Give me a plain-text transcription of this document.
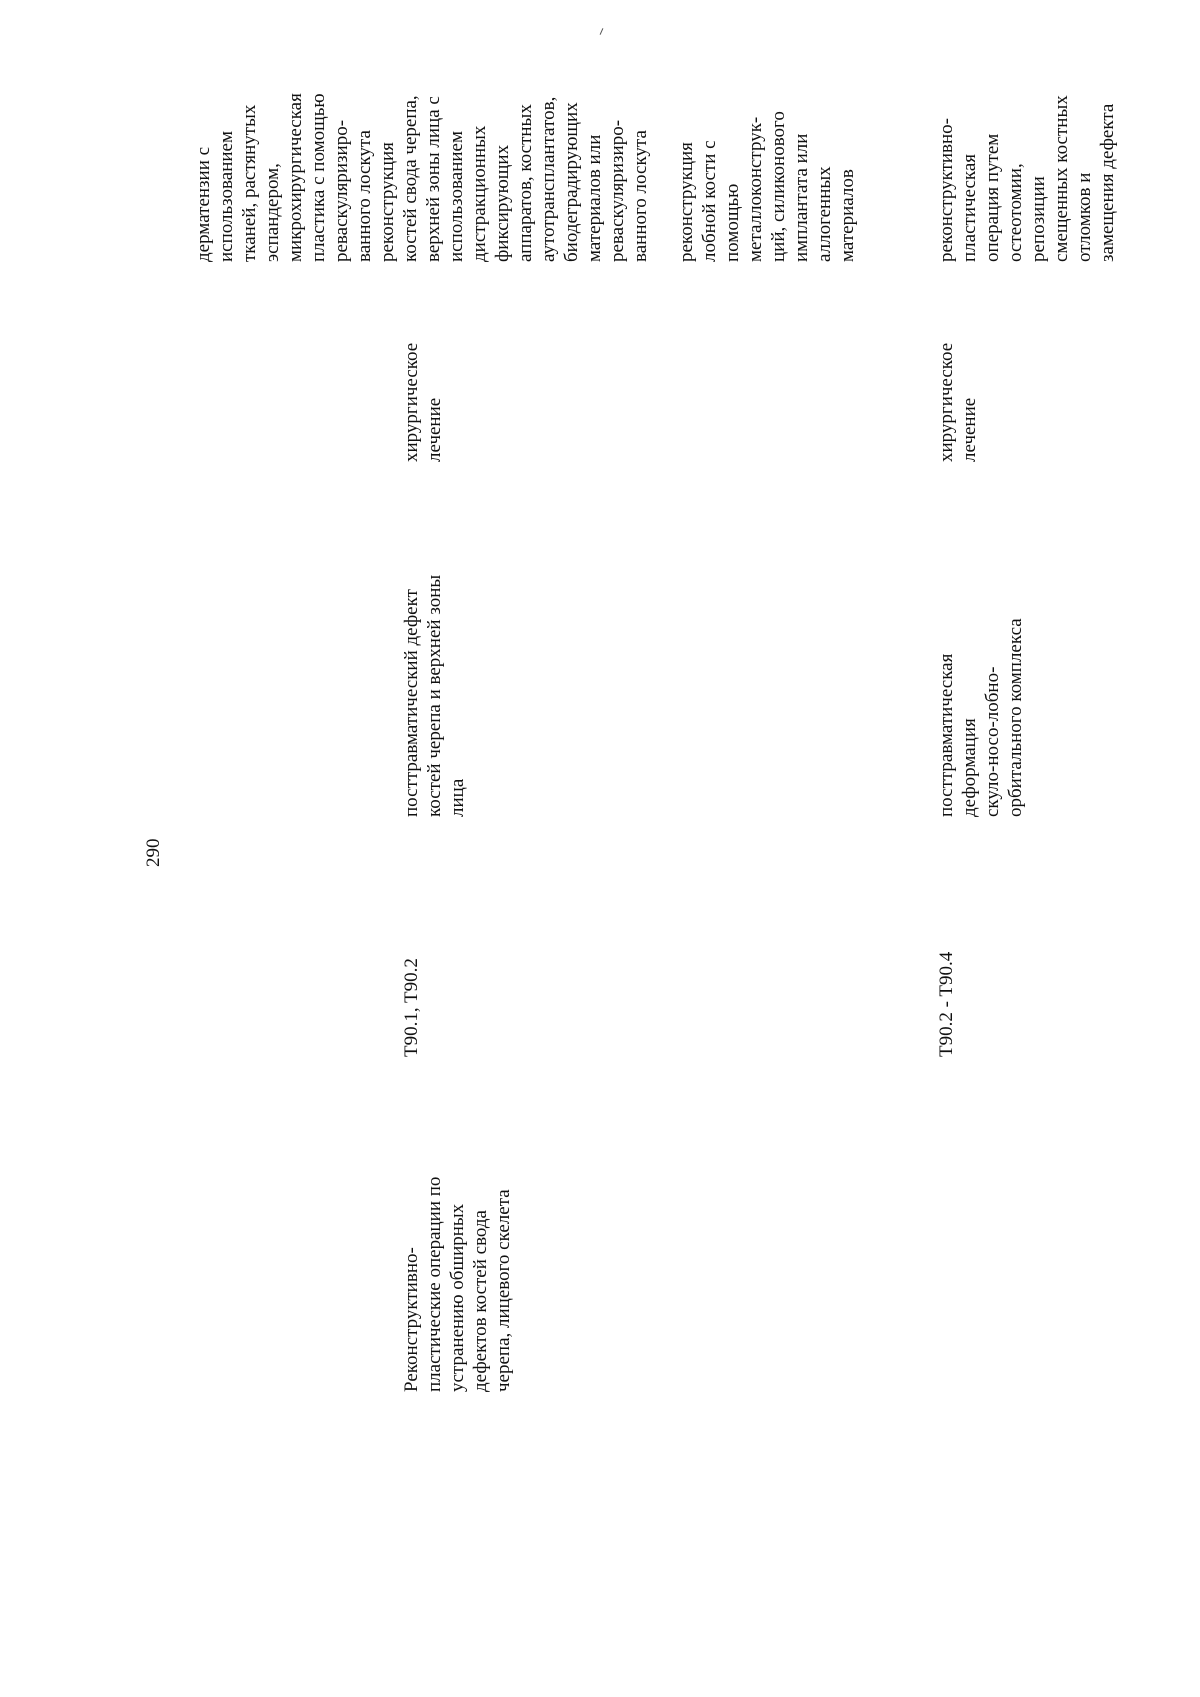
290

Реконструктивно-
пластические операции по
устранению обширных
дефектов костей свода
черепа, лицевого скелета

T90.1, T90.2

посттравматический дефект
костей черепа и верхней зоны
лица

хирургическое
лечение

дерматензии с
использованием
тканей, растянутых
эспандером,
микрохирургическая
пластика с помощью
реваскуляризиро-
ванного лоскута
реконструкция
костей свода черепа,
верхней зоны лица с
использованием
дистракционных
фиксирующих
аппаратов, костных
аутотрансплантатов,
биодеградирующих
материалов или
реваскуляризиро-
ванного лоскута

реконструкция
лобной кости с
помощью
металлоконструк-
ций, силиконового
имплантата или
аллогенных
материалов

T90.2 - T90.4

посттравматическая
деформация
скуло-носо-лобно-
орбитального комплекса

хирургическое
лечение

реконструктивно-
пластическая
операция путем
остеотомии,
репозиции
смещенных костных
отломков и
замещения дефекта
